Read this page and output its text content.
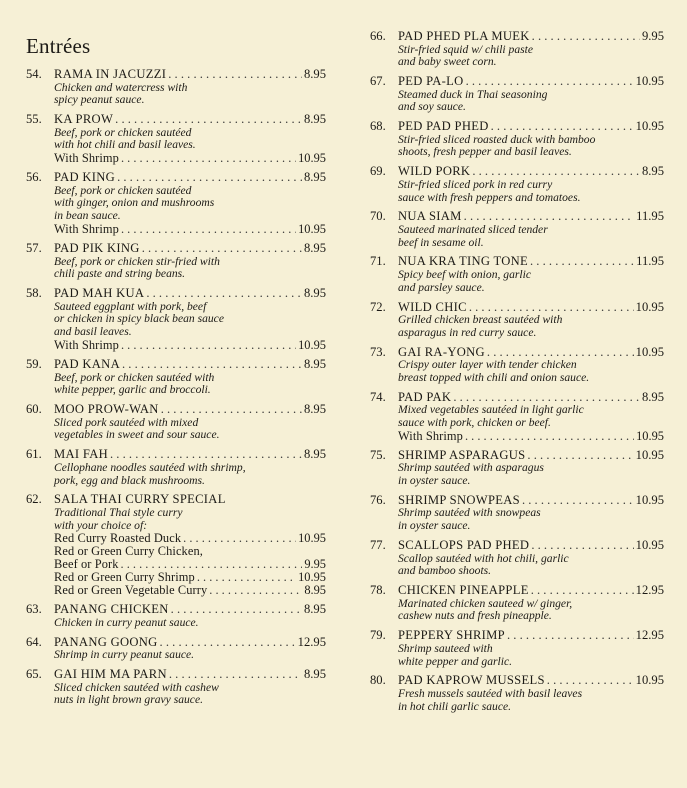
Entrées
54. RAMA IN JACUZZI . . .	8.95
Chicken and watercress with
spicy peanut sauce.
55. KA PROW . . .	8.95
Beef, pork or chicken sautéed
with hot chili and basil leaves.
With Shrimp . . .	10.95
56. PAD KING . . .	8.95
Beef, pork or chicken sautéed
with ginger, onion and mushrooms
in bean sauce.
With Shrimp . . .	10.95
57. PAD PIK KING . . .	8.95
Beef, pork or chicken stir-fried with
chili paste and string beans.
58. PAD MAH KUA . . .	8.95
Sauteed eggplant with pork, beef
or chicken in spicy black bean sauce
and basil leaves.
With Shrimp . . .	10.95
59. PAD KANA . . .	8.95
Beef, pork or chicken sautéed with
white pepper, garlic and broccoli.
60. MOO PROW-WAN . . .	8.95
Sliced pork sautéed with mixed
vegetables in sweet and sour sauce.
61. MAI FAH . . .	8.95
Cellophane noodles sautéed with shrimp,
pork, egg and black mushrooms.
62. SALA THAI CURRY SPECIAL
Traditional Thai style curry
with your choice of:
Red Curry Roasted Duck . . .	10.95
Red or Green Curry Chicken,
Beef or Pork . . .	9.95
Red or Green Curry Shrimp . . .	10.95
Red or Green Vegetable Curry . . .	8.95
63. PANANG CHICKEN . . .	8.95
Chicken in curry peanut sauce.
64. PANANG GOONG . . .	12.95
Shrimp in curry peanut sauce.
65. GAI HIM MA PARN . . .	8.95
Sliced chicken sautéed with cashew
nuts in light brown gravy sauce.
66. PAD PHED PLA MUEK . . .	9.95
Stir-fried squid w/ chili paste
and baby sweet corn.
67. PED PA-LO . . .	10.95
Steamed duck in Thai seasoning
and soy sauce.
68. PED PAD PHED . . .	10.95
Stir-fried sliced roasted duck with bamboo
shoots, fresh pepper and basil leaves.
69. WILD PORK . . .	8.95
Stir-fried sliced pork in red curry
sauce with fresh peppers and tomatoes.
70. NUA SIAM . . .	11.95
Sauteed marinated sliced tender
beef in sesame oil.
71. NUA KRA TING TONE . . .	11.95
Spicy beef with onion, garlic
and parsley sauce.
72. WILD CHIC . . .	10.95
Grilled chicken breast sautéed with
asparagus in red curry sauce.
73. GAI RA-YONG . . .	10.95
Crispy outer layer with tender chicken
breast topped with chili and onion sauce.
74. PAD PAK . . .	8.95
Mixed vegetables sautéed in light garlic
sauce with pork, chicken or beef.
With Shrimp . . .	10.95
75. SHRIMP ASPARAGUS . . .	10.95
Shrimp sautéed with asparagus
in oyster sauce.
76. SHRIMP SNOWPEAS . . .	10.95
Shrimp sautéed with snowpeas
in oyster sauce.
77. SCALLOPS PAD PHED . . .	10.95
Scallop sautéed with hot chili, garlic
and bamboo shoots.
78. CHICKEN PINEAPPLE . . .	12.95
Marinated chicken sauteed w/ ginger,
cashew nuts and fresh pineapple.
79. PEPPERY SHRIMP . . .	12.95
Shrimp sauteed with
white pepper and garlic.
80. PAD KAPROW MUSSELS . . .	10.95
Fresh mussels sautéed with basil leaves
in hot chili garlic sauce.
